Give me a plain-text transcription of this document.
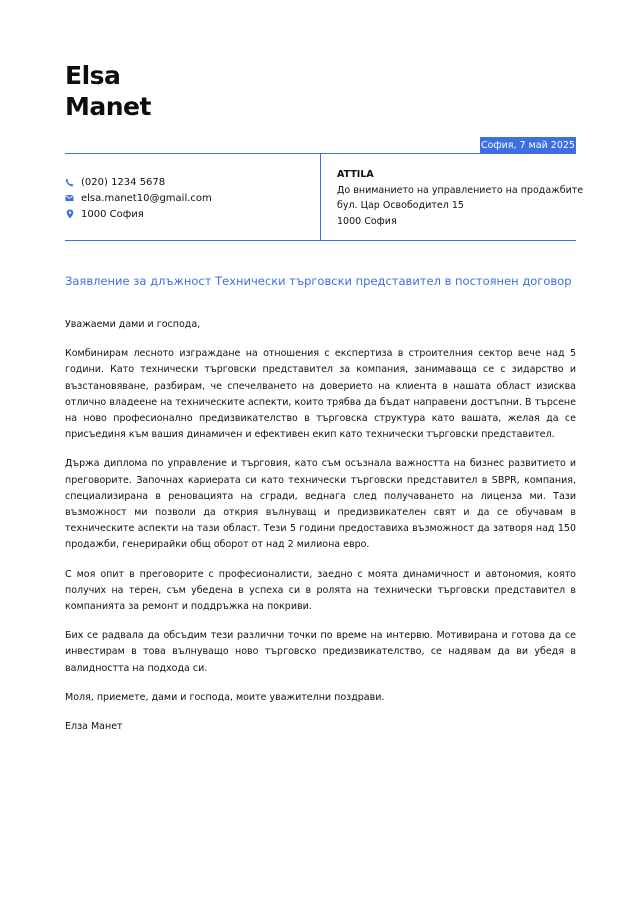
Elsa
Manet
София, 7 май 2025
(020) 1234 5678
elsa.manet10@gmail.com
1000 София
ATTILA
До вниманието на управлението на продажбите
бул. Цар Освободител 15
1000 София
Заявление за длъжност Технически търговски представител в постоянен договор

Уважаеми дами и господа,

Комбинирам лесното изграждане на отношения с експертиза в строителния сектор вече над 5 години. Като технически търговски представител за компания, занимаваща се с зидарство и възстановяване, разбирам, че спечелването на доверието на клиента в нашата област изисква отлично владеене на техническите аспекти, които трябва да бъдат направени достъпни. В търсене на ново професионално предизвикателство в търговска структура като вашата, желая да се присъединя към вашия динамичен и ефективен екип като технически търговски представител.

Държа диплома по управление и търговия, като съм осъзнала важността на бизнес развитието и преговорите. Започнах кариерата си като технически търговски представител в SBPR, компания, специализирана в реновацията на сгради, веднага след получаването на лиценза ми. Тази възможност ми позволи да открия вълнуващ и предизвикателен свят и да се обучавам в техническите аспекти на тази област. Тези 5 години предоставиха възможност да затворя над 150 продажби, генерирайки общ оборот от над 2 милиона евро.

С моя опит в преговорите с професионалисти, заедно с моята динамичност и автономия, която получих на терен, съм убедена в успеха си в ролята на технически търговски представител в компанията за ремонт и поддръжка на покриви.

Бих се радвала да обсъдим тези различни точки по време на интервю. Мотивирана и готова да се инвестирам в това вълнуващо ново търговско предизвикателство, се надявам да ви убедя в валидността на подхода си.

Моля, приемете, дами и господа, моите уважителни поздрави.

Елза Манет
